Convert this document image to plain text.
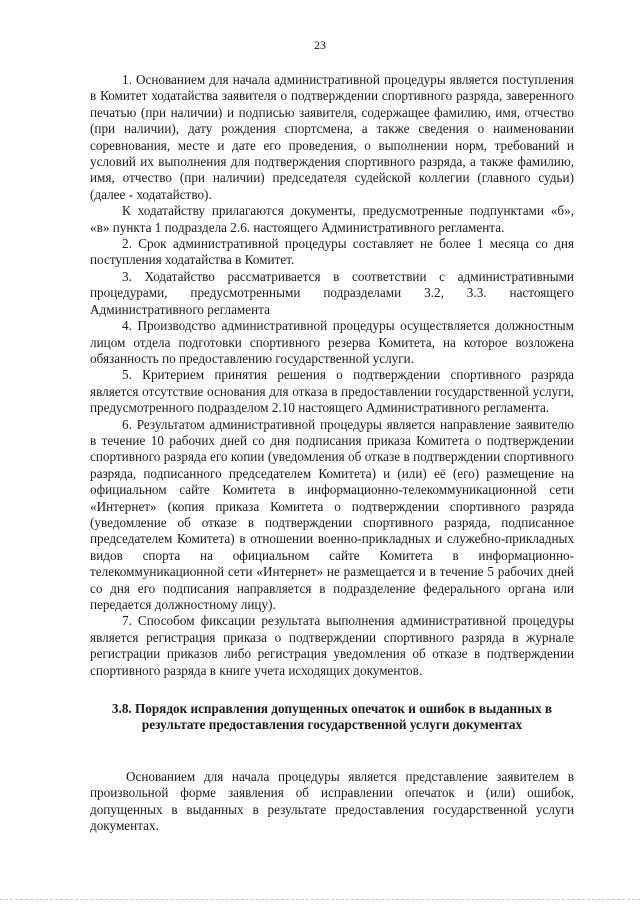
23

1. Основанием для начала административной процедуры является поступления в Комитет ходатайства заявителя о подтверждении спортивного разряда, заверенного печатью (при наличии) и подписью заявителя, содержащее фамилию, имя, отчество (при наличии), дату рождения спортсмена, а также сведения о наименовании соревнования, месте и дате его проведения, о выполнении норм, требований и условий их выполнения для подтверждения спортивного разряда, а также фамилию, имя, отчество (при наличии) председателя судейской коллегии (главного судьи) (далее - ходатайство).

К ходатайству прилагаются документы, предусмотренные подпунктами «б», «в» пункта 1 подраздела 2.6. настоящего Административного регламента.

2. Срок административной процедуры составляет не более 1 месяца со дня поступления ходатайства в Комитет.

3. Ходатайство рассматривается в соответствии с административными процедурами, предусмотренными подразделами 3.2, 3.3. настоящего Административного регламента

4. Производство административной процедуры осуществляется должностным лицом отдела подготовки спортивного резерва Комитета, на которое возложена обязанность по предоставлению государственной услуги.

5. Критерием принятия решения о подтверждении спортивного разряда является отсутствие основания для отказа в предоставлении государственной услуги, предусмотренного подразделом 2.10 настоящего Административного регламента.

6. Результатом административной процедуры является направление заявителю в течение 10 рабочих дней со дня подписания приказа Комитета о подтверждении спортивного разряда его копии (уведомления об отказе в подтверждении спортивного разряда, подписанного председателем Комитета) и (или) её (его) размещение на официальном сайте Комитета в информационно-телекоммуникационной сети «Интернет» (копия приказа Комитета о подтверждении спортивного разряда (уведомление об отказе в подтверждении спортивного разряда, подписанное председателем Комитета) в отношении военно-прикладных и служебно-прикладных видов спорта на официальном сайте Комитета в информационно-телекоммуникационной сети «Интернет» не размещается и в течение 5 рабочих дней со дня его подписания направляется в подразделение федерального органа или передается должностному лицу).

7. Способом фиксации результата выполнения административной процедуры является регистрация приказа о подтверждении спортивного разряда в журнале регистрации приказов либо регистрация уведомления об отказе в подтверждении спортивного разряда в книге учета исходящих документов.

3.8. Порядок исправления допущенных опечаток и ошибок в выданных в результате предоставления государственной услуги документах

Основанием для начала процедуры является представление заявителем в произвольной форме заявления об исправлении опечаток и (или) ошибок, допущенных в выданных в результате предоставления государственной услуги документах.
